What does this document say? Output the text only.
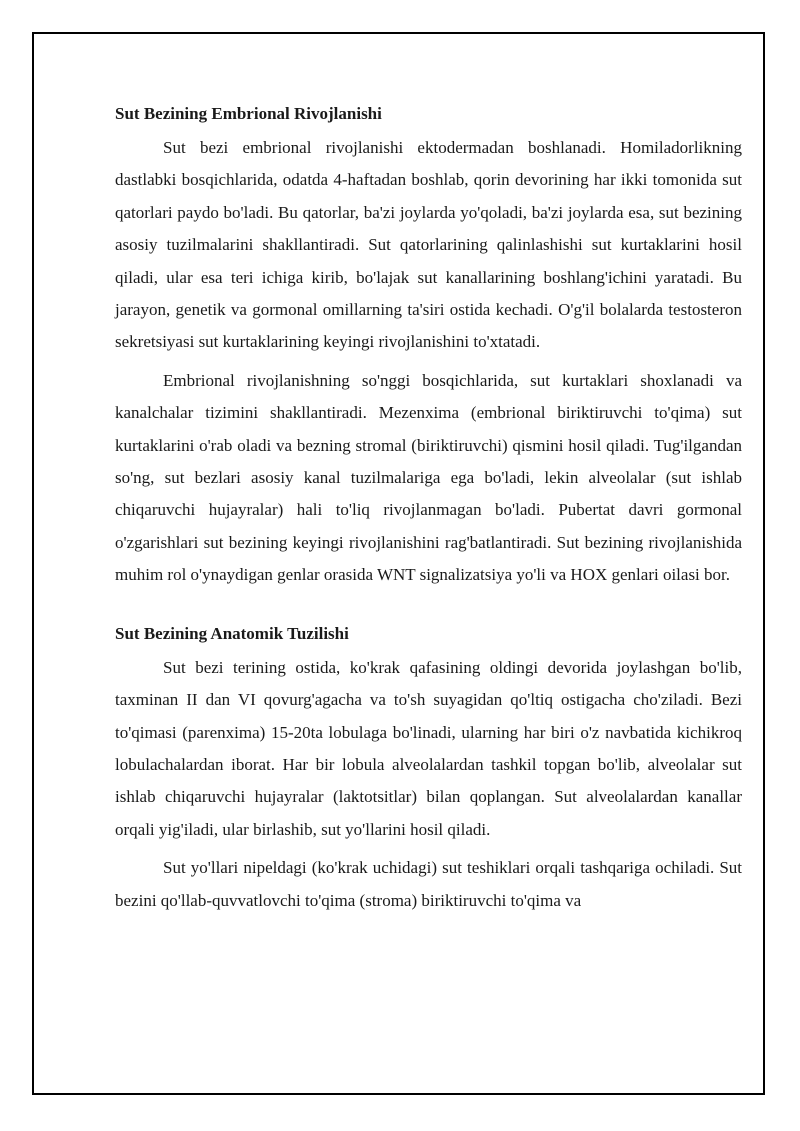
Sut Bezining Embrional Rivojlanishi

Sut bezi embrional rivojlanishi ektodermadan boshlanadi. Homiladorlikning dastlabki bosqichlarida, odatda 4-haftadan boshlab, qorin devorining har ikki tomonida sut qatorlari paydo bo'ladi. Bu qatorlar, ba'zi joylarda yo'qoladi, ba'zi joylarda esa, sut bezining asosiy tuzilmalarini shakllantiradi. Sut qatorlarining qalinlashishi sut kurtaklarini hosil qiladi, ular esa teri ichiga kirib, bo'lajak sut kanallarining boshlang'ichini yaratadi. Bu jarayon, genetik va gormonal omillarning ta'siri ostida kechadi. O'g'il bolalarda testosteron sekretsiyasi sut kurtaklarining keyingi rivojlanishini to'xtatadi.

Embrional rivojlanishning so'nggi bosqichlarida, sut kurtaklari shoxlanadi va kanalchalar tizimini shakllantiradi. Mezenxima (embrional biriktiruvchi to'qima) sut kurtaklarini o'rab oladi va bezning stromal (biriktiruvchi) qismini hosil qiladi. Tug'ilgandan so'ng, sut bezlari asosiy kanal tuzilmalariga ega bo'ladi, lekin alveolalar (sut ishlab chiqaruvchi hujayralar) hali to'liq rivojlanmagan bo'ladi. Pubertat davri gormonal o'zgarishlari sut bezining keyingi rivojlanishini rag'batlantiradi. Sut bezining rivojlanishida muhim rol o'ynaydigan genlar orasida WNT signalizatsiya yo'li va HOX genlari oilasi bor.

Sut Bezining Anatomik Tuzilishi

Sut bezi terining ostida, ko'krak qafasining oldingi devorida joylashgan bo'lib, taxminan II dan VI qovurg'agacha va to'sh suyagidan qo'ltiq ostigacha cho'ziladi. Bezi to'qimasi (parenxima) 15-20ta lobulaga bo'linadi, ularning har biri o'z navbatida kichikroq lobulachalardan iborat. Har bir lobula alveolalardan tashkil topgan bo'lib, alveolalar sut ishlab chiqaruvchi hujayralar (laktotsitlar) bilan qoplangan. Sut alveolalardan kanallar orqali yig'iladi, ular birlashib, sut yo'llarini hosil qiladi.

Sut yo'llari nipeldagi (ko'krak uchidagi) sut teshiklari orqali tashqariga ochiladi. Sut bezini qo'llab-quvvatlovchi to'qima (stroma) biriktiruvchi to'qima va
